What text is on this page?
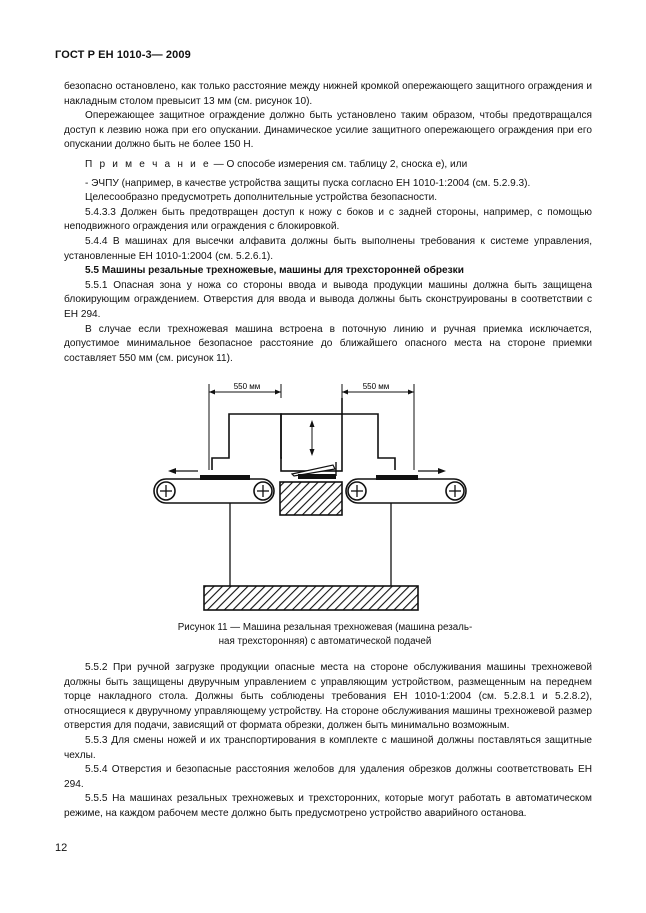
ГОСТ Р ЕН 1010-3— 2009

безопасно остановлено, как только расстояние между нижней кромкой опережающего защитного ограждения и накладным столом превысит 13 мм (см. рисунок 10).

Опережающее защитное ограждение должно быть установлено таким образом, чтобы предотвращался доступ к лезвию ножа при его опускании. Динамическое усилие защитного опережающего ограждения при его опускании должно быть не более 150 Н.

П р и м е ч а н и е — О способе измерения см. таблицу 2, сноска е), или

- ЭЧПУ (например, в качестве устройства защиты пуска согласно ЕН 1010-1:2004 (см. 5.2.9.3).

Целесообразно предусмотреть дополнительные устройства безопасности.

5.4.3.3 Должен быть предотвращен доступ к ножу с боков и с задней стороны, например, с помощью неподвижного ограждения или ограждения с блокировкой.

5.4.4 В машинах для высечки алфавита должны быть выполнены требования к системе управления, установленные ЕН 1010-1:2004 (см. 5.2.6.1).

5.5 Машины резальные трехножевые, машины для трехсторонней обрезки

5.5.1 Опасная зона у ножа со стороны ввода и вывода продукции машины должна быть защищена блокирующим ограждением. Отверстия для ввода и вывода должны быть сконструированы в соответствии с ЕН 294.

В случае если трехножевая машина встроена в поточную линию и ручная приемка исключается, допустимое минимальное безопасное расстояние до ближайшего опасного места на стороне приемки составляет 550 мм (см. рисунок 11).

550 мм	550 мм
Рисунок 11 — Машина резальная трехножевая (машина резаль-
ная трехсторонняя) с автоматической подачей

5.5.2 При ручной загрузке продукции опасные места на стороне обслуживания машины трехножевой должны быть защищены двуручным управлением с управляющим устройством, размещенным на переднем торце накладного стола. Должны быть соблюдены требования ЕН 1010-1:2004 (см. 5.2.8.1 и 5.2.8.2), относящиеся к двуручному управляющему устройству. На стороне обслуживания машины трехножевой размер отверстия для подачи, зависящий от формата обрезки, должен быть минимально возможным.

5.5.3 Для смены ножей и их транспортирования в комплекте с машиной должны поставляться защитные чехлы.

5.5.4 Отверстия и безопасные расстояния желобов для удаления обрезков должны соответствовать ЕН 294.

5.5.5 На машинах резальных трехножевых и трехсторонних, которые могут работать в автоматическом режиме, на каждом рабочем месте должно быть предусмотрено устройство аварийного останова.

12
